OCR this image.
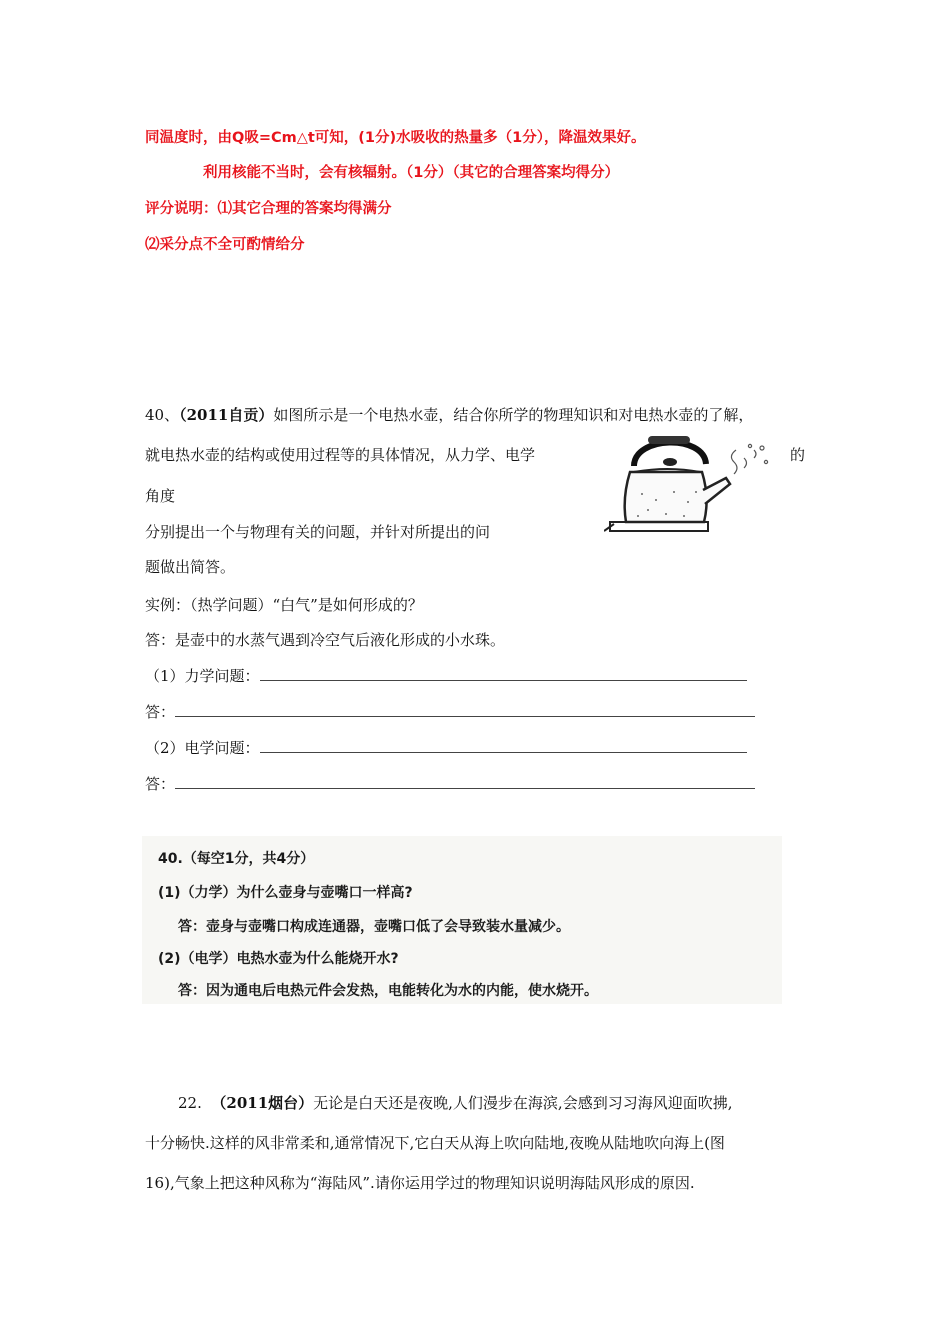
同温度时，由Q吸=Cm△t可知，(1分)水吸收的热量多（1分），降温效果好。
利用核能不当时，会有核辐射。（1分）（其它的合理答案均得分）
评分说明：⑴其它合理的答案均得满分
⑵采分点不全可酌情给分
40、（2011自贡）如图所示是一个电热水壶，结合你所学的物理知识和对电热水壶的了解，
就电热水壶的结构或使用过程等的具体情况，从力学、电学	的
角度
分别提出一个与物理有关的问题，并针对所提出的问
题做出简答。
实例：（热学问题）“白气”是如何形成的？
答：是壶中的水蒸气遇到冷空气后液化形成的小水珠。
（1）力学问题：
答：
（2）电学问题：
答：
40.（每空1分，共4分）
(1)（力学）为什么壶身与壶嘴口一样高?
答：壶身与壶嘴口构成连通器，壶嘴口低了会导致装水量减少。
(2)（电学）电热水壶为什么能烧开水?
答：因为通电后电热元件会发热，电能转化为水的内能，使水烧开。
22. （2011烟台）无论是白天还是夜晚,人们漫步在海滨,会感到习习海风迎面吹拂,
十分畅快.这样的风非常柔和,通常情况下,它白天从海上吹向陆地,夜晚从陆地吹向海上(图
16),气象上把这种风称为“海陆风”.请你运用学过的物理知识说明海陆风形成的原因.
